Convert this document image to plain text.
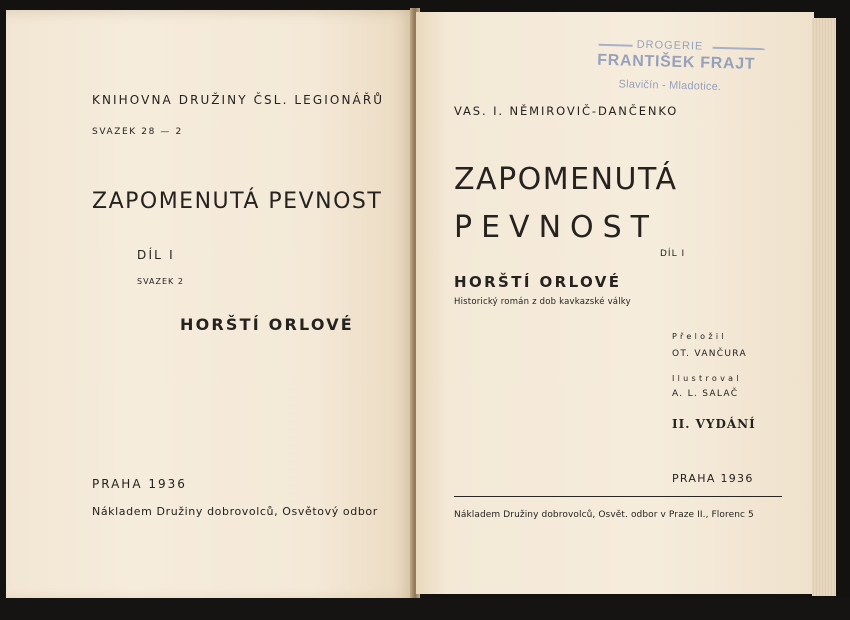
KNIHOVNA DRUŽINY ČSL. LEGIONÁŘŮ

SVAZEK 28 — 2

ZAPOMENUTÁ PEVNOST

DÍL I

SVAZEK 2

HORŠTÍ ORLOVÉ

PRAHA 1936

Nákladem Družiny dobrovolců, Osvětový odbor

VAS. I. NĚMIROVIČ-DANČENKO

ZAPOMENUTÁ

PEVNOST

DÍL I

HORŠTÍ ORLOVÉ

Historický román z dob kavkazské války

Přeložil

OT. VANČURA

Ilustroval

A. L. SALAČ

II. VYDÁNÍ

PRAHA 1936

Nákladem Družiny dobrovolců, Osvět. odbor v Praze II., Florenc 5

DROGERIE

FRANTIŠEK FRAJT

Slavičín - Mladotice.
